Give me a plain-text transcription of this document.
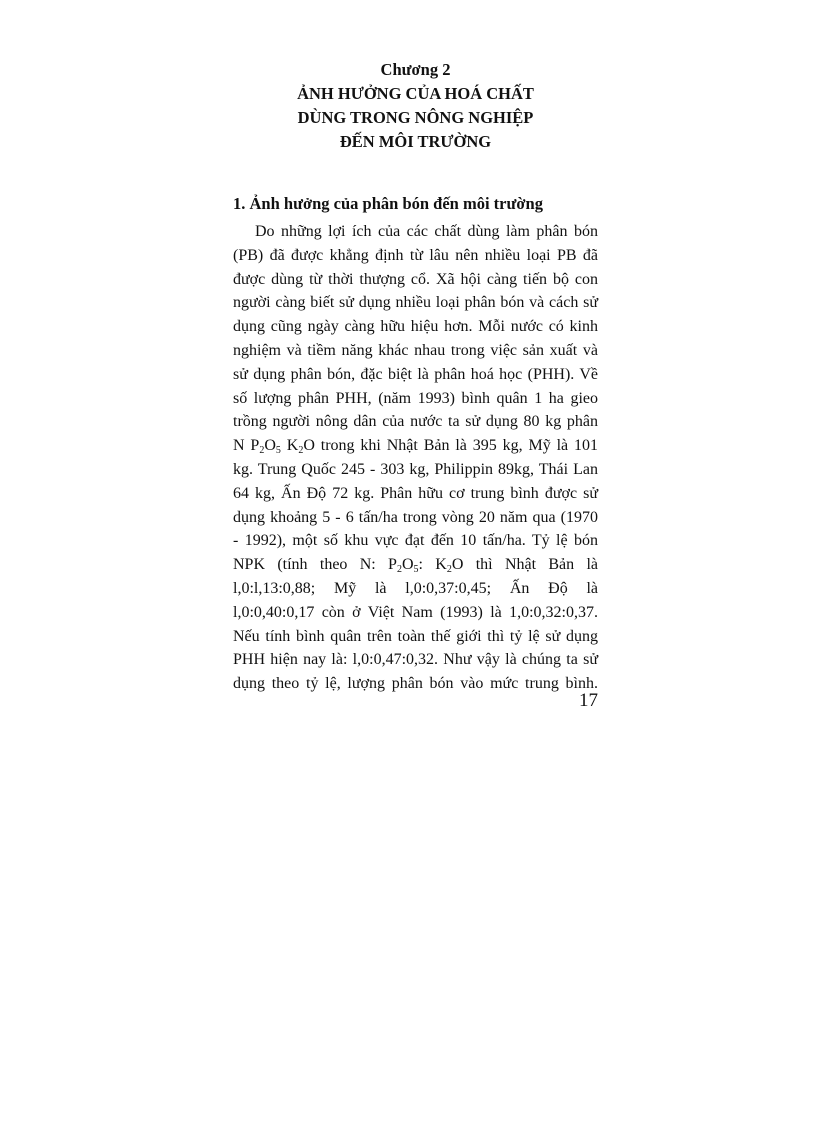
Chương 2
ẢNH HƯỞNG CỦA HOÁ CHẤT
DÙNG TRONG NÔNG NGHIỆP
ĐẾN MÔI TRƯỜNG
1. Ảnh hưởng của phân bón đến môi trường
Do những lợi ích của các chất dùng làm phân bón
(PB) đã được khẳng định từ lâu nên nhiều loại PB đã
được dùng từ thời thượng cổ. Xã hội càng tiến bộ con
người càng biết sử dụng nhiều loại phân bón và cách sử
dụng cũng ngày càng hữu hiệu hơn. Mỗi nước có kinh
nghiệm và tiềm năng khác nhau trong việc sản xuất và
sử dụng phân bón, đặc biệt là phân hoá học (PHH). Về
số lượng phân PHH, (năm 1993) bình quân 1 ha gieo
trồng người nông dân của nước ta sử dụng 80 kg phân
N $P_2O_5$ $K_2O$ trong khi Nhật Bản là 395 kg, Mỹ là 101
kg. Trung Quốc 245 - 303 kg, Philippin 89kg, Thái Lan
64 kg, Ấn Độ 72 kg. Phân hữu cơ trung bình được sử
dụng khoảng 5 - 6 tấn/ha trong vòng 20 năm qua (1970
- 1992), một số khu vực đạt đến 10 tấn/ha. Tỷ lệ bón
NPK (tính theo N: $P_2O_5$: $K_2O$ thì Nhật Bản là
l,0:l,13:0,88; Mỹ là l,0:0,37:0,45; Ấn Độ là
l,0:0,40:0,17 còn ở Việt Nam (1993) là 1,0:0,32:0,37.
Nếu tính bình quân trên toàn thế giới thì tỷ lệ sử dụng
PHH hiện nay là: l,0:0,47:0,32. Như vậy là chúng ta sử
dụng theo tỷ lệ, lượng phân bón vào mức trung bình.
17
